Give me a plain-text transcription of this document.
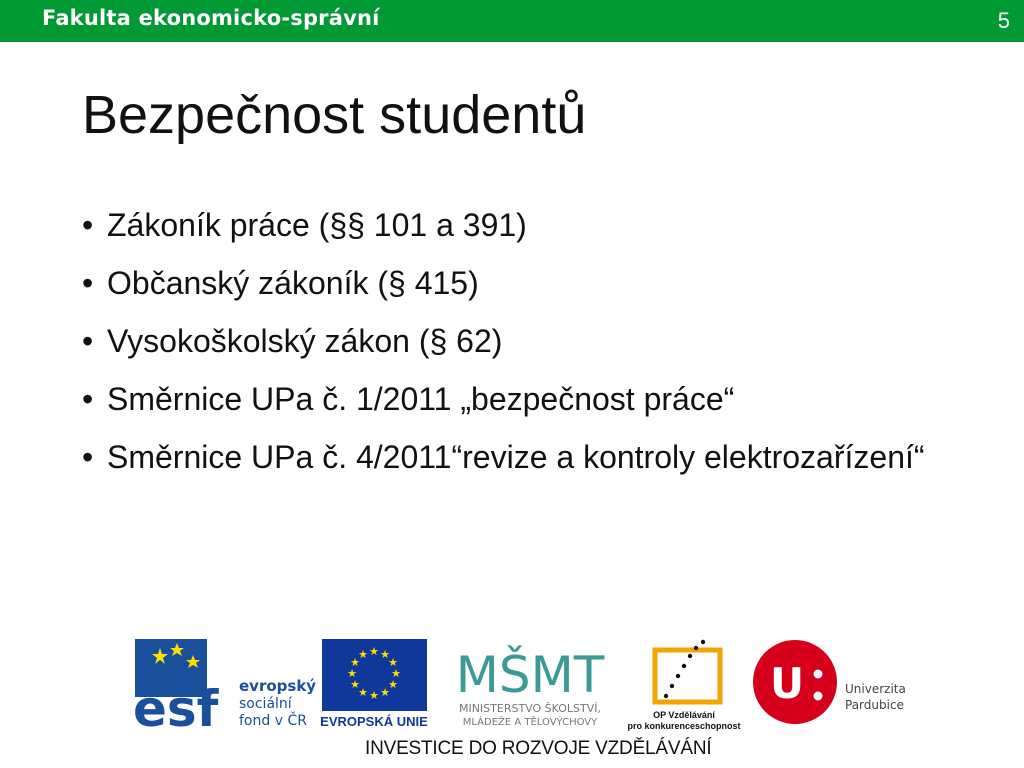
Fakulta ekonomicko-správní	5
Bezpečnost studentů
• Zákoník práce (§§ 101 a 391)
• Občanský zákoník (§ 415)
• Vysokoškolský zákon (§ 62)
• Směrnice UPa č. 1/2011 „bezpečnost práce“
• Směrnice UPa č. 4/2011“revize a kontroly elektrozařízení“
esf evropský
sociální
fond v ČR
★ ★
★
★
★
★
★
★
★
★
★
★
EVROPSKÁ UNIE
MŠMT
MINISTERSTVO ŠKOLSTVÍ,
MLÁDEŽE A TĚLOVÝCHOVY
OP Vzdělávání
pro konkurenceschopnost
U	Univerzita
Pardubice
INVESTICE DO ROZVOJE VZDĚLÁVÁNÍ
